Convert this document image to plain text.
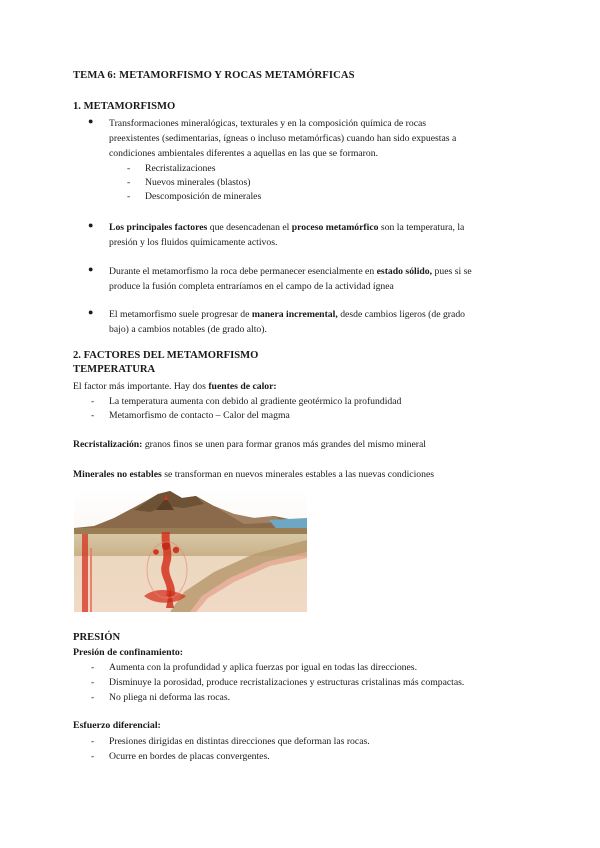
TEMA 6: METAMORFISMO Y ROCAS METAMÓRFICAS
1. METAMORFISMO
● Transformaciones mineralógicas, texturales y en la composición química de rocas
preexistentes (sedimentarias, ígneas o incluso metamórficas) cuando han sido expuestas a
condiciones ambientales diferentes a aquellas en las que se formaron.
- Recristalizaciones
- Nuevos minerales (blastos)
- Descomposición de minerales
● Los principales factores que desencadenan el proceso metamórfico son la temperatura, la
presión y los fluidos químicamente activos.
● Durante el metamorfismo la roca debe permanecer esencialmente en estado sólido, pues si se
produce la fusión completa entraríamos en el campo de la actividad ígnea
● El metamorfismo suele progresar de manera incremental, desde cambios ligeros (de grado
bajo) a cambios notables (de grado alto).
2. FACTORES DEL METAMORFISMO
TEMPERATURA
El factor más importante. Hay dos fuentes de calor:
- La temperatura aumenta con debido al gradiente geotérmico la profundidad
- Metamorfismo de contacto – Calor del magma
Recristalización: granos finos se unen para formar granos más grandes del mismo mineral
Minerales no estables se transforman en nuevos minerales estables a las nuevas condiciones
PRESIÓN
Presión de confinamiento:
- Aumenta con la profundidad y aplica fuerzas por igual en todas las direcciones.
- Disminuye la porosidad, produce recristalizaciones y estructuras cristalinas más compactas.
- No pliega ni deforma las rocas.
Esfuerzo diferencial:
- Presiones dirigidas en distintas direcciones que deforman las rocas.
- Ocurre en bordes de placas convergentes.
